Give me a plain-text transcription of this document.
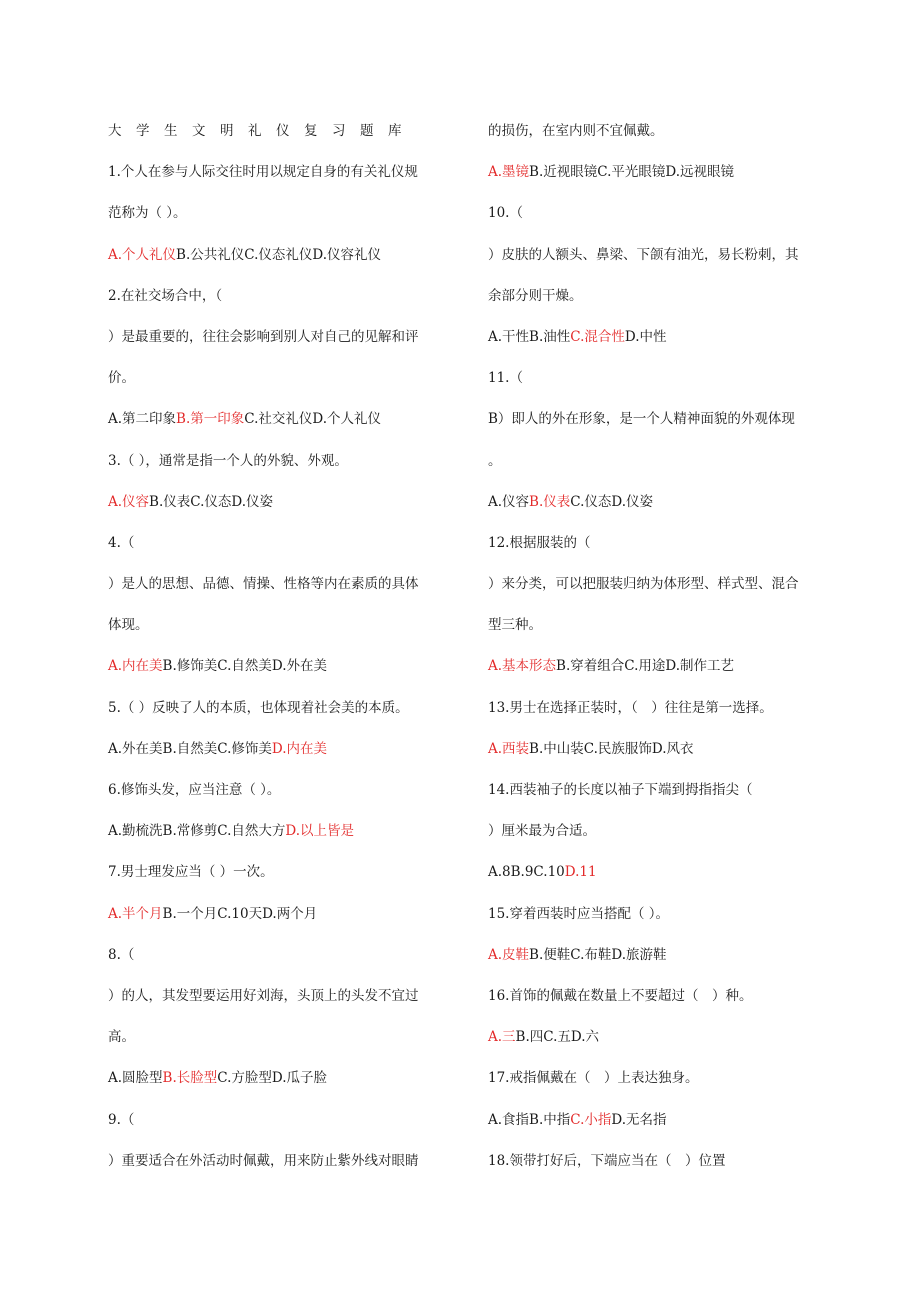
大学生文明礼仪复习题库
1.个人在参与人际交往时用以规定自身的有关礼仪规
范称为（ ）。
A.个人礼仪B.公共礼仪C.仪态礼仪D.仪容礼仪
2.在社交场合中，（
）是最重要的，往往会影响到别人对自己的见解和评
价。
A.第二印象B.第一印象C.社交礼仪D.个人礼仪
3.（ ），通常是指一个人的外貌、外观。
A.仪容B.仪表C.仪态D.仪姿
4.（
）是人的思想、品德、情操、性格等内在素质的具体
体现。
A.内在美B.修饰美C.自然美D.外在美
5.（ ）反映了人的本质，也体现着社会美的本质。
A.外在美B.自然美C.修饰美D.内在美
6.修饰头发，应当注意（ ）。
A.勤梳洗B.常修剪C.自然大方D.以上皆是
7.男士理发应当（ ）一次。
A.半个月B.一个月C.10天D.两个月
8.（
）的人，其发型要运用好刘海，头顶上的头发不宜过
高。
A.圆脸型B.长脸型C.方脸型D.瓜子脸
9.（
）重要适合在外活动时佩戴，用来防止紫外线对眼睛
的损伤，在室内则不宜佩戴。
A.墨镜B.近视眼镜C.平光眼镜D.远视眼镜
10.（
）皮肤的人额头、鼻梁、下颌有油光，易长粉刺，其
余部分则干燥。
A.干性B.油性C.混合性D.中性
11.（
B）即人的外在形象，是一个人精神面貌的外观体现
。
A.仪容B.仪表C.仪态D.仪姿
12.根据服装的（
）来分类，可以把服装归纳为体形型、样式型、混合
型三种。
A.基本形态B.穿着组合C.用途D.制作工艺
13.男士在选择正装时，（　）往往是第一选择。
A.西装B.中山装C.民族服饰D.风衣
14.西装袖子的长度以袖子下端到拇指指尖（
）厘米最为合适。
A.8B.9C.10D.11
15.穿着西装时应当搭配（ ）。
A.皮鞋B.便鞋C.布鞋D.旅游鞋
16.首饰的佩戴在数量上不要超过（　）种。
A.三B.四C.五D.六
17.戒指佩戴在（　）上表达独身。
A.食指B.中指C.小指D.无名指
18.领带打好后，下端应当在（　）位置
